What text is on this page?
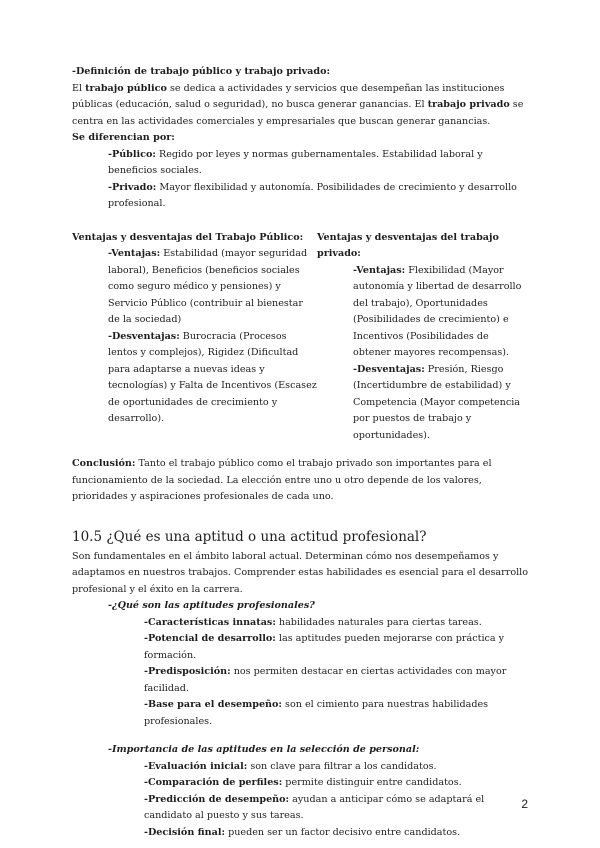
-Definición de trabajo público y trabajo privado:

El trabajo público se dedica a actividades y servicios que desempeñan las instituciones públicas (educación, salud o seguridad), no busca generar ganancias. El trabajo privado se centra en las actividades comerciales y empresariales que buscan generar ganancias.

Se diferencian por:

-Público: Regido por leyes y normas gubernamentales. Estabilidad laboral y beneficios sociales.

-Privado: Mayor flexibilidad y autonomía. Posibilidades de crecimiento y desarrollo profesional.

Ventajas y desventajas del Trabajo Público:

-Ventajas: Estabilidad (mayor seguridad laboral), Beneficios (beneficios sociales como seguro médico y pensiones) y Servicio Público (contribuir al bienestar de la sociedad)

-Desventajas: Burocracia (Procesos lentos y complejos), Rigidez (Dificultad para adaptarse a nuevas ideas y tecnologías) y Falta de Incentivos (Escasez de oportunidades de crecimiento y desarrollo).

Ventajas y desventajas del trabajo privado:

-Ventajas: Flexibilidad (Mayor autonomía y libertad de desarrollo del trabajo), Oportunidades (Posibilidades de crecimiento) e Incentivos (Posibilidades de obtener mayores recompensas).

-Desventajas: Presión, Riesgo (Incertidumbre de estabilidad) y Competencia (Mayor competencia por puestos de trabajo y oportunidades).

Conclusión: Tanto el trabajo público como el trabajo privado son importantes para el funcionamiento de la sociedad. La elección entre uno u otro depende de los valores, prioridades y aspiraciones profesionales de cada uno.

10.5 ¿Qué es una aptitud o una actitud profesional?

Son fundamentales en el ámbito laboral actual. Determinan cómo nos desempeñamos y adaptamos en nuestros trabajos. Comprender estas habilidades es esencial para el desarrollo profesional y el éxito en la carrera.

-¿Qué son las aptitudes profesionales?

-Características innatas: habilidades naturales para ciertas tareas.

-Potencial de desarrollo: las aptitudes pueden mejorarse con práctica y formación.

-Predisposición: nos permiten destacar en ciertas actividades con mayor facilidad.

-Base para el desempeño: son el cimiento para nuestras habilidades profesionales.

-Importancia de las aptitudes en la selección de personal:

-Evaluación inicial: son clave para filtrar a los candidatos.

-Comparación de perfiles: permite distinguir entre candidatos.

-Predicción de desempeño: ayudan a anticipar cómo se adaptará el candidato al puesto y sus tareas.

-Decisión final: pueden ser un factor decisivo entre candidatos.

2
